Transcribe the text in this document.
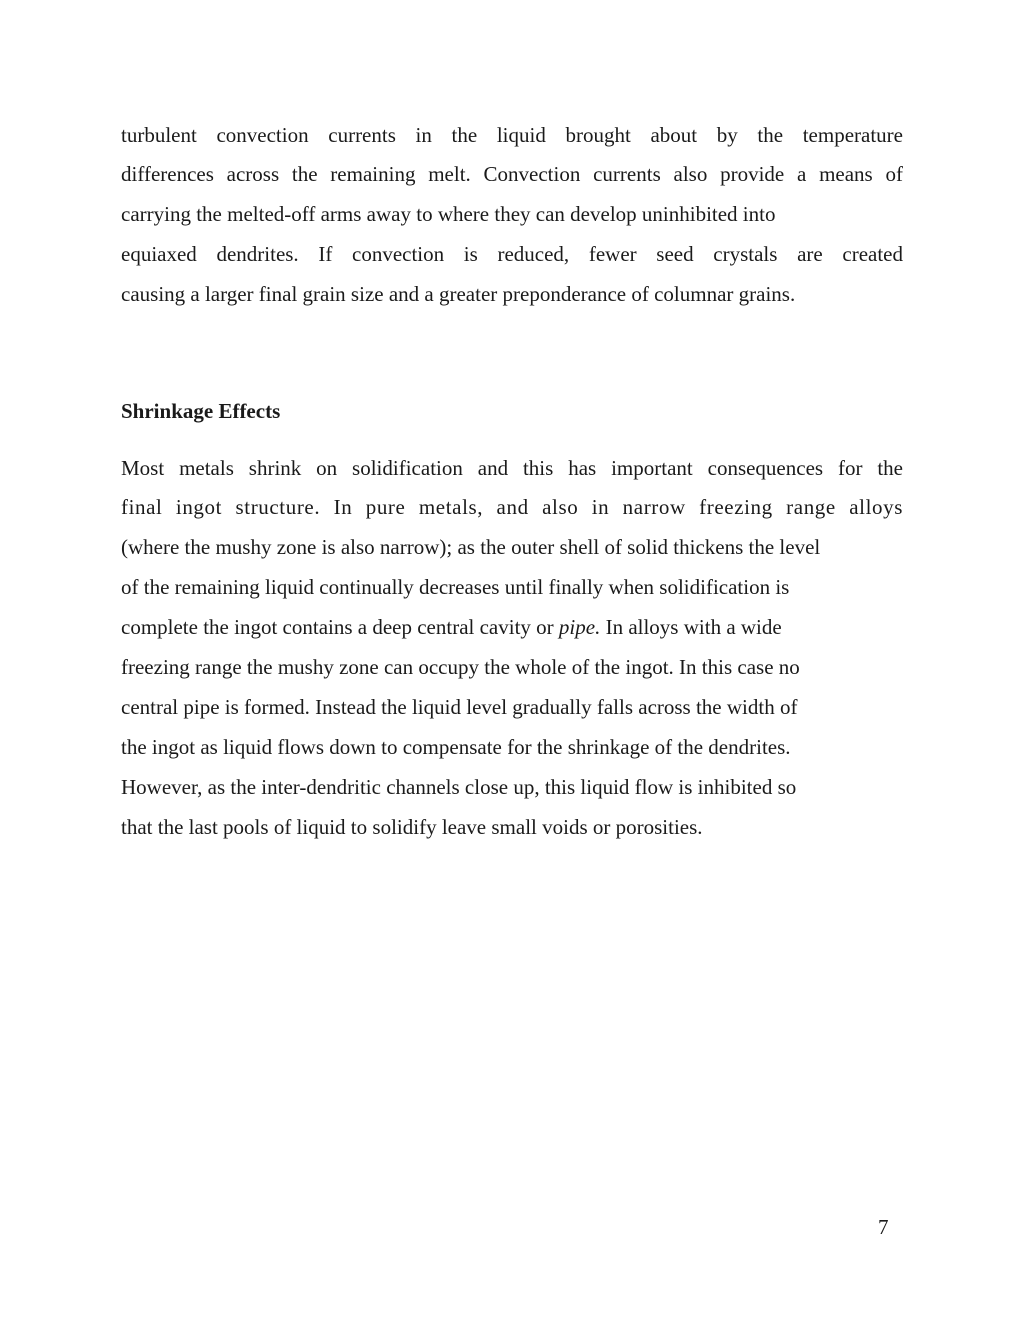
turbulent convection currents in the liquid brought about by the temperature
differences across the remaining melt. Convection currents also provide a means of
carrying the melted-off arms away to where they can develop uninhibited into
equiaxed dendrites. If convection is reduced, fewer seed crystals are created
causing a larger final grain size and a greater preponderance of columnar grains.
Shrinkage Effects
Most metals shrink on solidification and this has important consequences for the
final ingot structure. In pure metals, and also in narrow freezing range alloys
(where the mushy zone is also narrow); as the outer shell of solid thickens the level
of the remaining liquid continually decreases until finally when solidification is
complete the ingot contains a deep central cavity or pipe. In alloys with a wide
freezing range the mushy zone can occupy the whole of the ingot. In this case no
central pipe is formed. Instead the liquid level gradually falls across the width of
the ingot as liquid flows down to compensate for the shrinkage of the dendrites.
However, as the inter-dendritic channels close up, this liquid flow is inhibited so
that the last pools of liquid to solidify leave small voids or porosities.
7
